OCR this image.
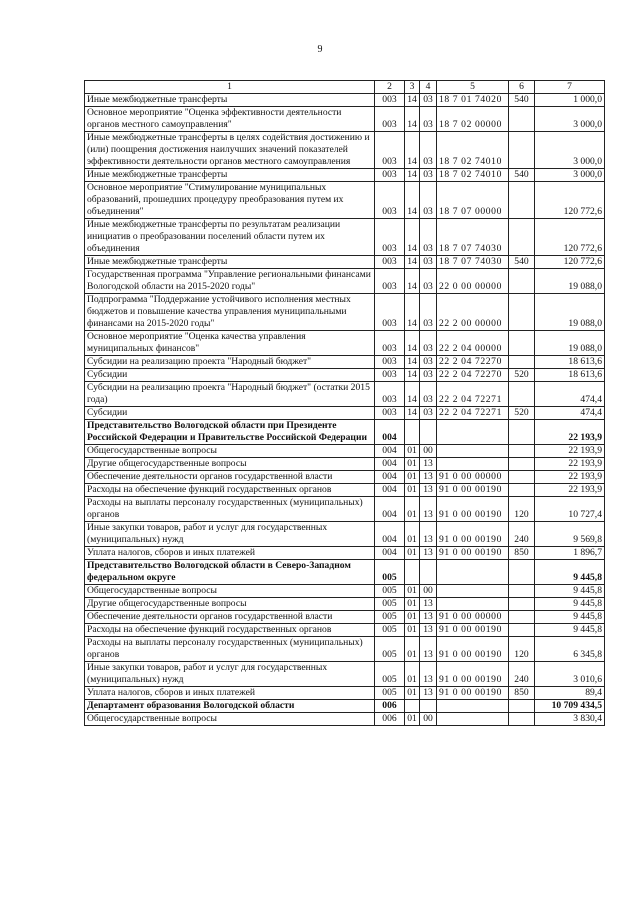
9
1	2	3	4	5	6	7
Иные межбюджетные трансферты	003	14	03	18 7 01 74020	540	1 000,0
Основное мероприятие "Оценка эффективности деятельности органов местного самоуправления"	003	14	03	18 7 02 00000		3 000,0
Иные межбюджетные трансферты в целях содействия достижению и (или) поощрения достижения наилучших значений показателей эффективности деятельности органов местного самоуправления	003	14	03	18 7 02 74010		3 000,0
Иные межбюджетные трансферты	003	14	03	18 7 02 74010	540	3 000,0
Основное мероприятие "Стимулирование муниципальных образований, прошедших процедуру преобразования путем их объединения"	003	14	03	18 7 07 00000		120 772,6
Иные межбюджетные трансферты по результатам реализации инициатив о преобразовании поселений области путем их объединения	003	14	03	18 7 07 74030		120 772,6
Иные межбюджетные трансферты	003	14	03	18 7 07 74030	540	120 772,6
Государственная программа "Управление региональными финансами Вологодской области на 2015-2020 годы"	003	14	03	22 0 00 00000		19 088,0
Подпрограмма "Поддержание устойчивого исполнения местных бюджетов и повышение качества управления муниципальными финансами на 2015-2020 годы"	003	14	03	22 2 00 00000		19 088,0
Основное мероприятие "Оценка качества управления муниципальных финансов"	003	14	03	22 2 04 00000		19 088,0
Субсидии на реализацию проекта "Народный бюджет"	003	14	03	22 2 04 72270		18 613,6
Субсидии	003	14	03	22 2 04 72270	520	18 613,6
Субсидии на реализацию проекта "Народный бюджет" (остатки 2015 года)	003	14	03	22 2 04 72271		474,4
Субсидии	003	14	03	22 2 04 72271	520	474,4
Представительство Вологодской области при Президенте Российской Федерации и Правительстве Российской Федерации	004					22 193,9
Общегосударственные вопросы	004	01	00			22 193,9
Другие общегосударственные вопросы	004	01	13			22 193,9
Обеспечение деятельности органов государственной власти	004	01	13	91 0 00 00000		22 193,9
Расходы на обеспечение функций государственных органов	004	01	13	91 0 00 00190		22 193,9
Расходы на выплаты персоналу государственных (муниципальных) органов	004	01	13	91 0 00 00190	120	10 727,4
Иные закупки товаров, работ и услуг для государственных (муниципальных) нужд	004	01	13	91 0 00 00190	240	9 569,8
Уплата налогов, сборов и иных платежей	004	01	13	91 0 00 00190	850	1 896,7
Представительство Вологодской области в Северо-Западном федеральном округе	005					9 445,8
Общегосударственные вопросы	005	01	00			9 445,8
Другие общегосударственные вопросы	005	01	13			9 445,8
Обеспечение деятельности органов государственной власти	005	01	13	91 0 00 00000		9 445,8
Расходы на обеспечение функций государственных органов	005	01	13	91 0 00 00190		9 445,8
Расходы на выплаты персоналу государственных (муниципальных) органов	005	01	13	91 0 00 00190	120	6 345,8
Иные закупки товаров, работ и услуг для государственных (муниципальных) нужд	005	01	13	91 0 00 00190	240	3 010,6
Уплата налогов, сборов и иных платежей	005	01	13	91 0 00 00190	850	89,4
Департамент образования Вологодской области	006					10 709 434,5
Общегосударственные вопросы	006	01	00			3 830,4
